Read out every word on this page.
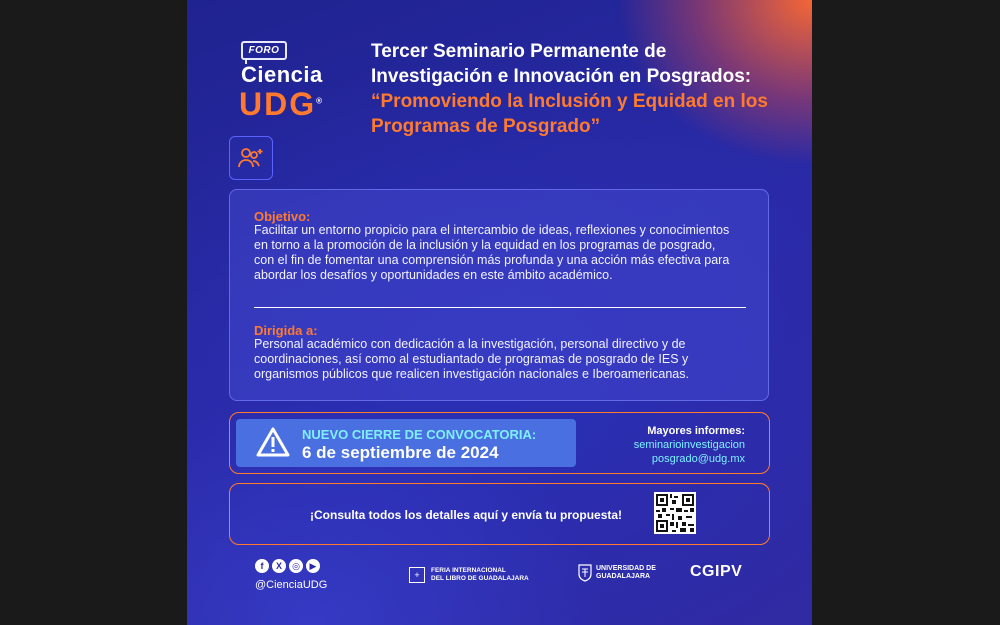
FORO
Ciencia
UDG®
Tercer Seminario Permanente de Investigación e Innovación en Posgrados:
“Promoviendo la Inclusión y Equidad en los Programas de Posgrado”
Objetivo:
Facilitar un entorno propicio para el intercambio de ideas, reflexiones y conocimientos en torno a la promoción de la inclusión y la equidad en los programas de posgrado, con el fin de fomentar una comprensión más profunda y una acción más efectiva para abordar los desafíos y oportunidades en este ámbito académico.
Dirigida a:
Personal académico con dedicación a la investigación, personal directivo y de coordinaciones, así como al estudiantado de programas de posgrado de IES y organismos públicos que realicen investigación nacionales e Iberoamericanas.
NUEVO CIERRE DE CONVOCATORIA:
6 de septiembre de 2024
Mayores informes:
seminarioinvestigacion
posgrado@udg.mx
¡Consulta todos los detalles aquí y envía tu propuesta!
f	X	◎	▶
@CienciaUDG
+	FERIA INTERNACIONAL
DEL LIBRO DE GUADALAJARA
UNIVERSIDAD DE
GUADALAJARA	CGIPV
